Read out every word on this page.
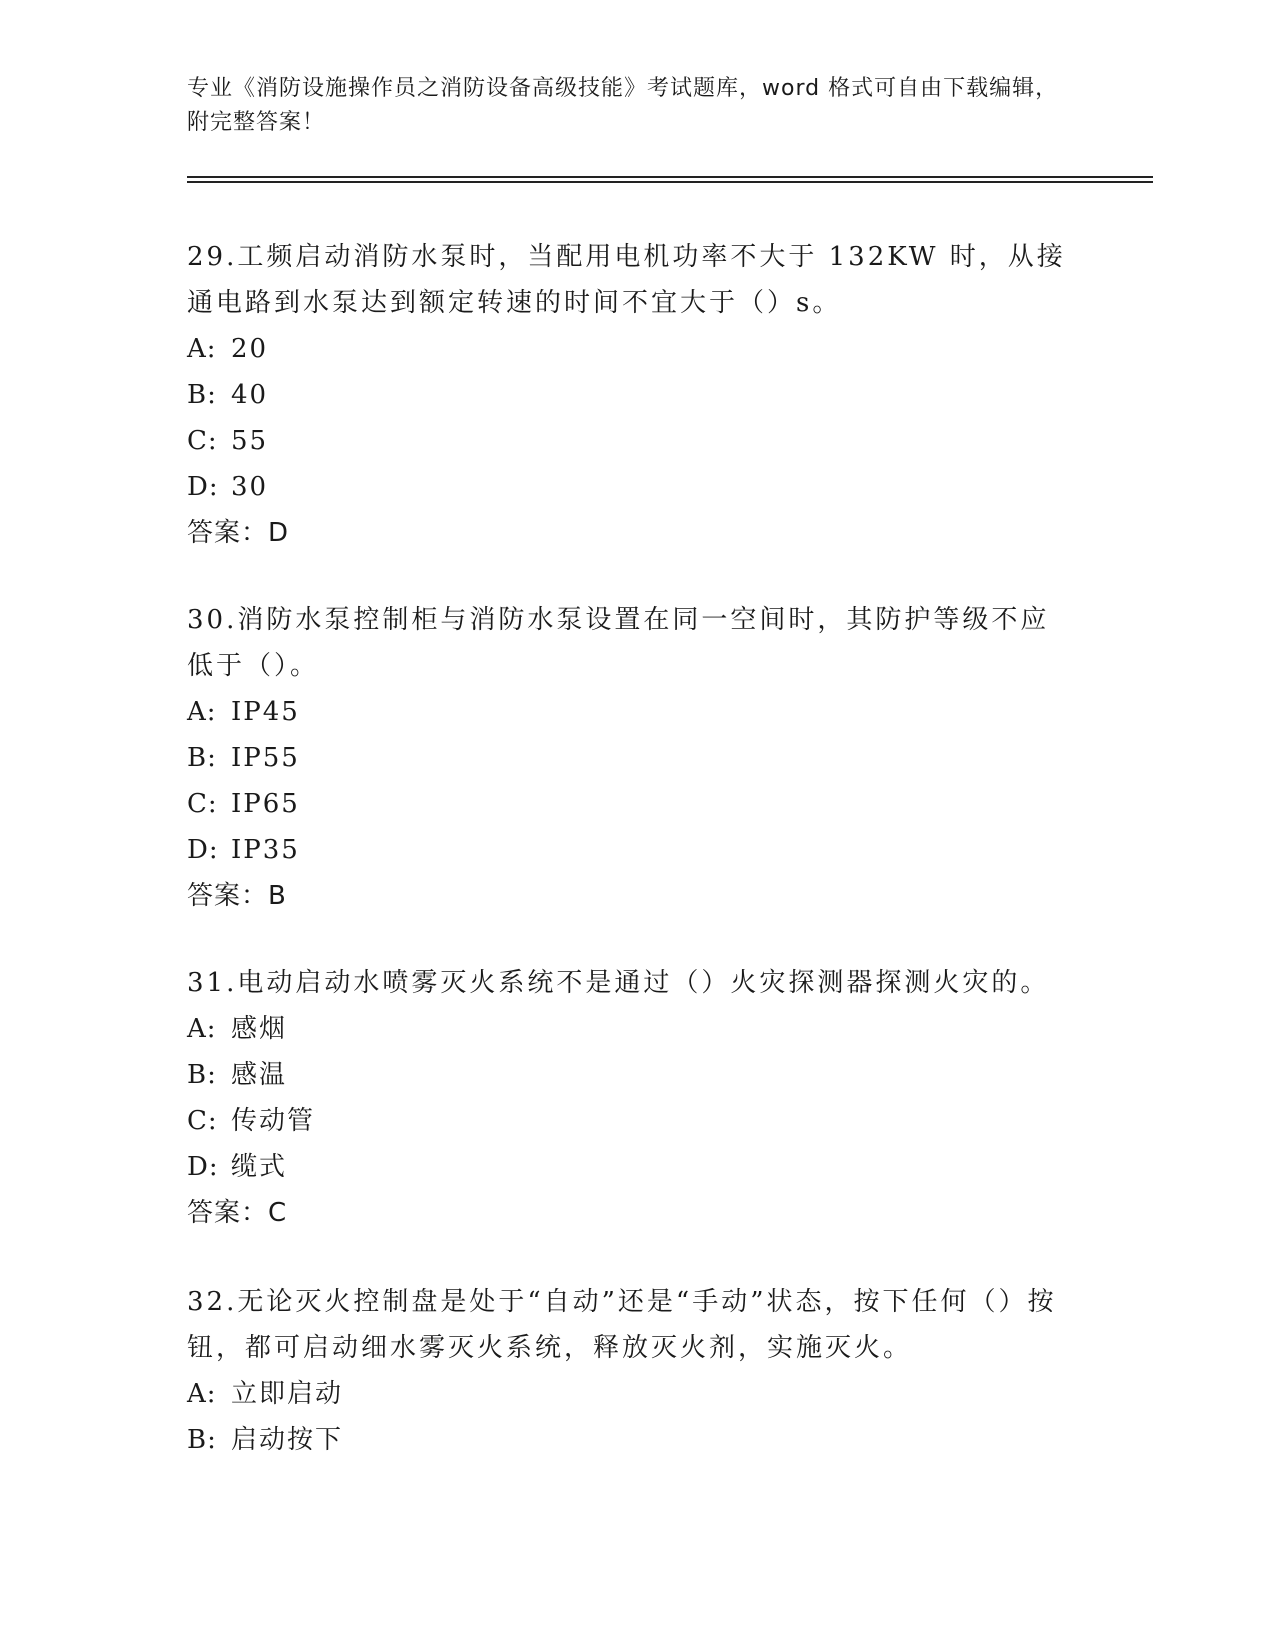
专业《消防设施操作员之消防设备高级技能》考试题库，word 格式可自由下载编辑，附完整答案！

29.工频启动消防水泵时，当配用电机功率不大于 132KW 时，从接通电路到水泵达到额定转速的时间不宜大于（）s。

A: 20
B: 40
C: 55
D: 30
答案：D

30.消防水泵控制柜与消防水泵设置在同一空间时，其防护等级不应低于（）。

A: IP45
B: IP55
C: IP65
D: IP35
答案：B

31.电动启动水喷雾灭火系统不是通过（）火灾探测器探测火灾的。

A: 感烟
B: 感温
C: 传动管
D: 缆式
答案：C

32.无论灭火控制盘是处于“自动”还是“手动”状态，按下任何（）按钮，都可启动细水雾灭火系统，释放灭火剂，实施灭火。

A: 立即启动
B: 启动按下
